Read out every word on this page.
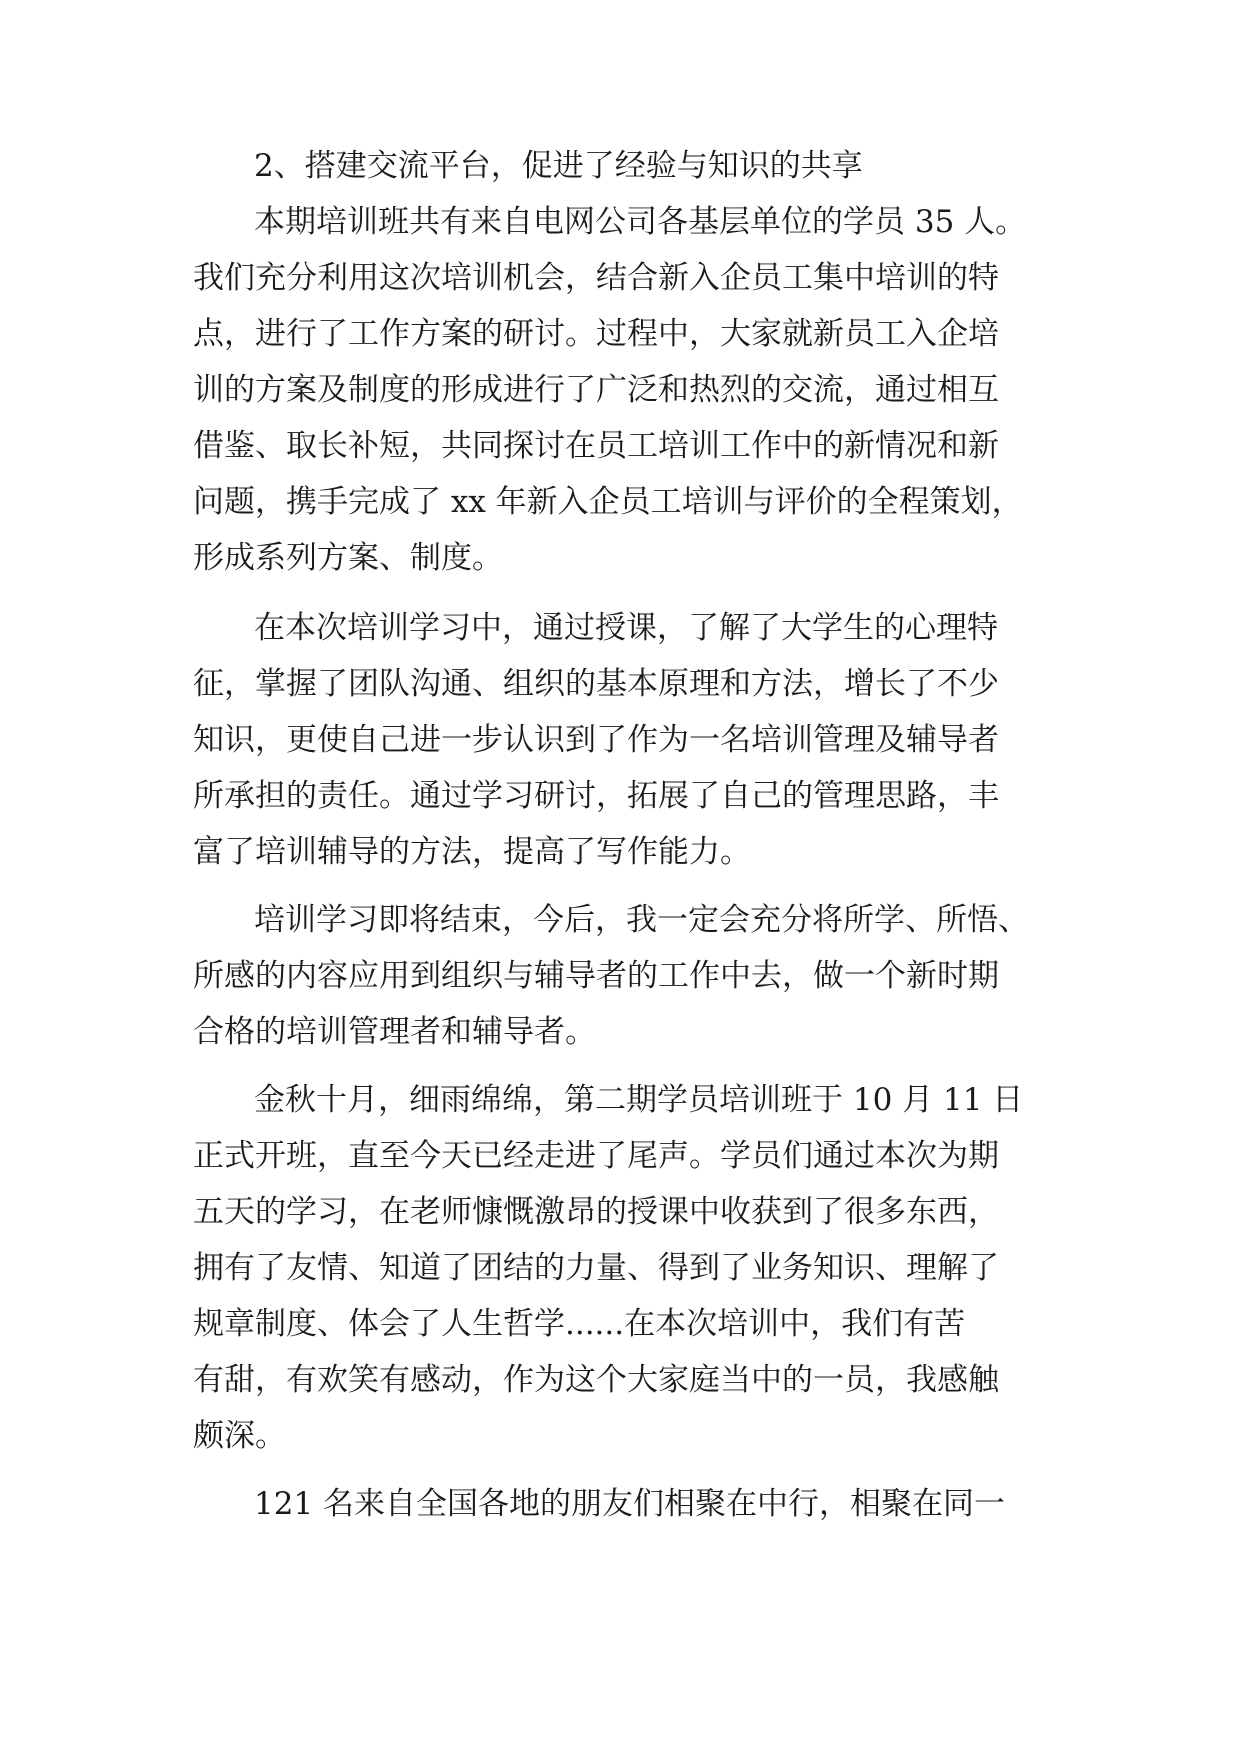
2、搭建交流平台，促进了经验与知识的共享

本期培训班共有来自电网公司各基层单位的学员 35 人。

我们充分利用这次培训机会，结合新入企员工集中培训的特

点，进行了工作方案的研讨。过程中，大家就新员工入企培

训的方案及制度的形成进行了广泛和热烈的交流，通过相互

借鉴、取长补短，共同探讨在员工培训工作中的新情况和新

问题，携手完成了 xx 年新入企员工培训与评价的全程策划，

形成系列方案、制度。

在本次培训学习中，通过授课，了解了大学生的心理特

征，掌握了团队沟通、组织的基本原理和方法，增长了不少

知识，更使自己进一步认识到了作为一名培训管理及辅导者

所承担的责任。通过学习研讨，拓展了自己的管理思路，丰

富了培训辅导的方法，提高了写作能力。

培训学习即将结束，今后，我一定会充分将所学、所悟、

所感的内容应用到组织与辅导者的工作中去，做一个新时期

合格的培训管理者和辅导者。

金秋十月，细雨绵绵，第二期学员培训班于 10 月 11 日

正式开班，直至今天已经走进了尾声。学员们通过本次为期

五天的学习，在老师慷慨激昂的授课中收获到了很多东西，

拥有了友情、知道了团结的力量、得到了业务知识、理解了

规章制度、体会了人生哲学......在本次培训中，我们有苦

有甜，有欢笑有感动，作为这个大家庭当中的一员，我感触

颇深。

121 名来自全国各地的朋友们相聚在中行，相聚在同一
